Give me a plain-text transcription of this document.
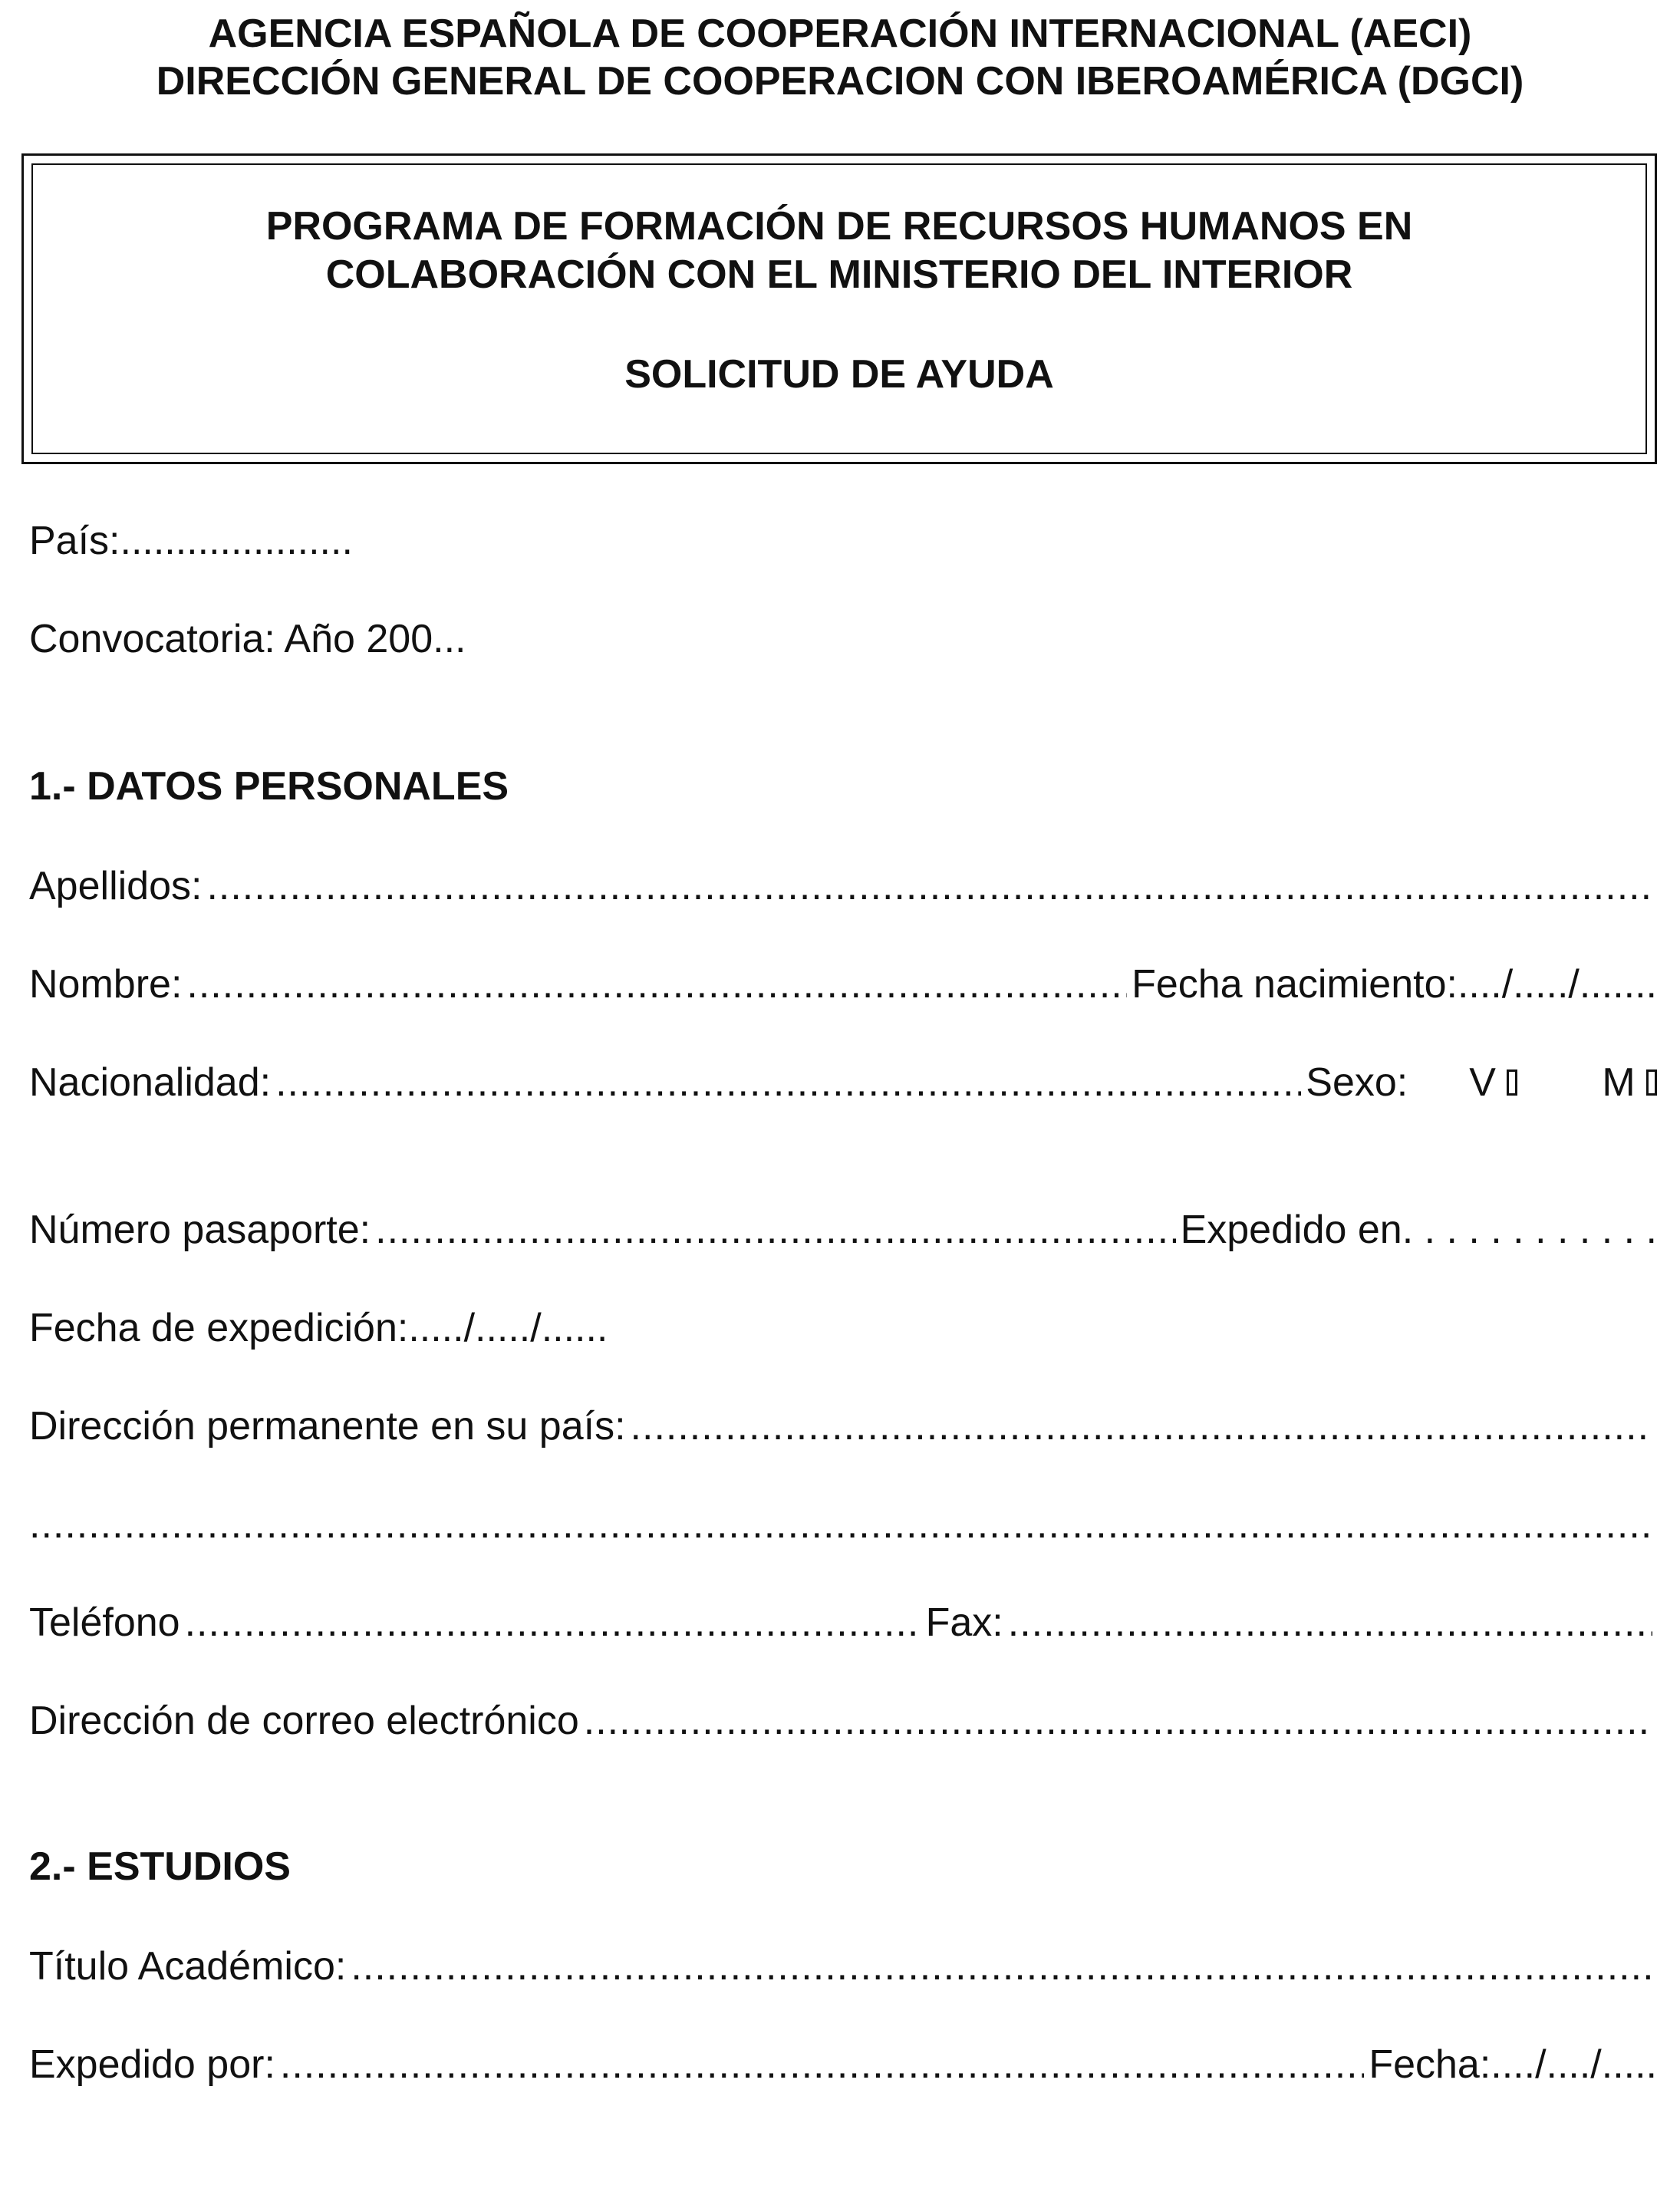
AGENCIA ESPAÑOLA DE COOPERACIÓN INTERNACIONAL (AECI)
DIRECCIÓN GENERAL DE COOPERACION CON IBEROAMÉRICA (DGCI)
PROGRAMA DE FORMACIÓN DE RECURSOS HUMANOS EN
COLABORACIÓN CON EL MINISTERIO DEL INTERIOR
SOLICITUD DE AYUDA
País:.....................
Convocatoria: Año 200...
1.- DATOS PERSONALES
Apellidos:
.....
Nombre: .....	Fecha nacimiento:..../...../.......
Nacionalidad: .....	Sexo: V	M
Número pasaporte: .....	Expedido en. . . . . . . . . . . .
Fecha de expedición:...../...../......
Dirección permanente en su país:
.....
.....
Teléfono .....	Fax:
.....
Dirección de correo electrónico
.....
2.- ESTUDIOS
Título Académico:
.....
Expedido por: .....	Fecha:..../..../.....
